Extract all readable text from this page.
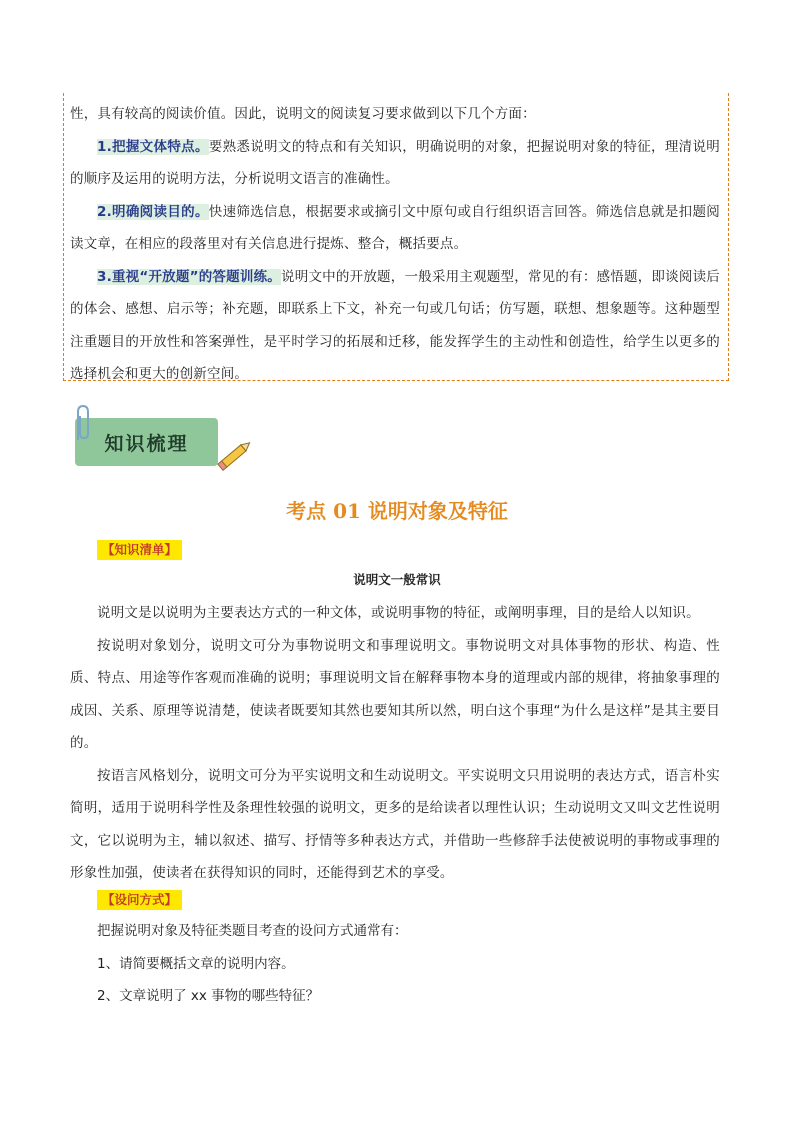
性，具有较高的阅读价值。因此，说明文的阅读复习要求做到以下几个方面：

1.把握文体特点。要熟悉说明文的特点和有关知识，明确说明的对象，把握说明对象的特征，理清说明的顺序及运用的说明方法，分析说明文语言的准确性。

2.明确阅读目的。快速筛选信息，根据要求或摘引文中原句或自行组织语言回答。筛选信息就是扣题阅读文章，在相应的段落里对有关信息进行提炼、整合，概括要点。

3.重视“开放题”的答题训练。说明文中的开放题，一般采用主观题型，常见的有：感悟题，即谈阅读后的体会、感想、启示等；补充题，即联系上下文，补充一句或几句话；仿写题，联想、想象题等。这种题型注重题目的开放性和答案弹性，是平时学习的拓展和迁移，能发挥学生的主动性和创造性，给学生以更多的选择机会和更大的创新空间。

知识梳理
考点 01 说明对象及特征
【知识清单】
说明文一般常识

说明文是以说明为主要表达方式的一种文体，或说明事物的特征，或阐明事理，目的是给人以知识。

按说明对象划分，说明文可分为事物说明文和事理说明文。事物说明文对具体事物的形状、构造、性质、特点、用途等作客观而准确的说明；事理说明文旨在解释事物本身的道理或内部的规律，将抽象事理的成因、关系、原理等说清楚，使读者既要知其然也要知其所以然，明白这个事理“为什么是这样”是其主要目的。

按语言风格划分，说明文可分为平实说明文和生动说明文。平实说明文只用说明的表达方式，语言朴实简明，适用于说明科学性及条理性较强的说明文，更多的是给读者以理性认识；生动说明文又叫文艺性说明文，它以说明为主，辅以叙述、描写、抒情等多种表达方式，并借助一些修辞手法使被说明的事物或事理的形象性加强，使读者在获得知识的同时，还能得到艺术的享受。

【设问方式】
把握说明对象及特征类题目考查的设问方式通常有：
1、请简要概括文章的说明内容。
2、文章说明了 xx 事物的哪些特征？
